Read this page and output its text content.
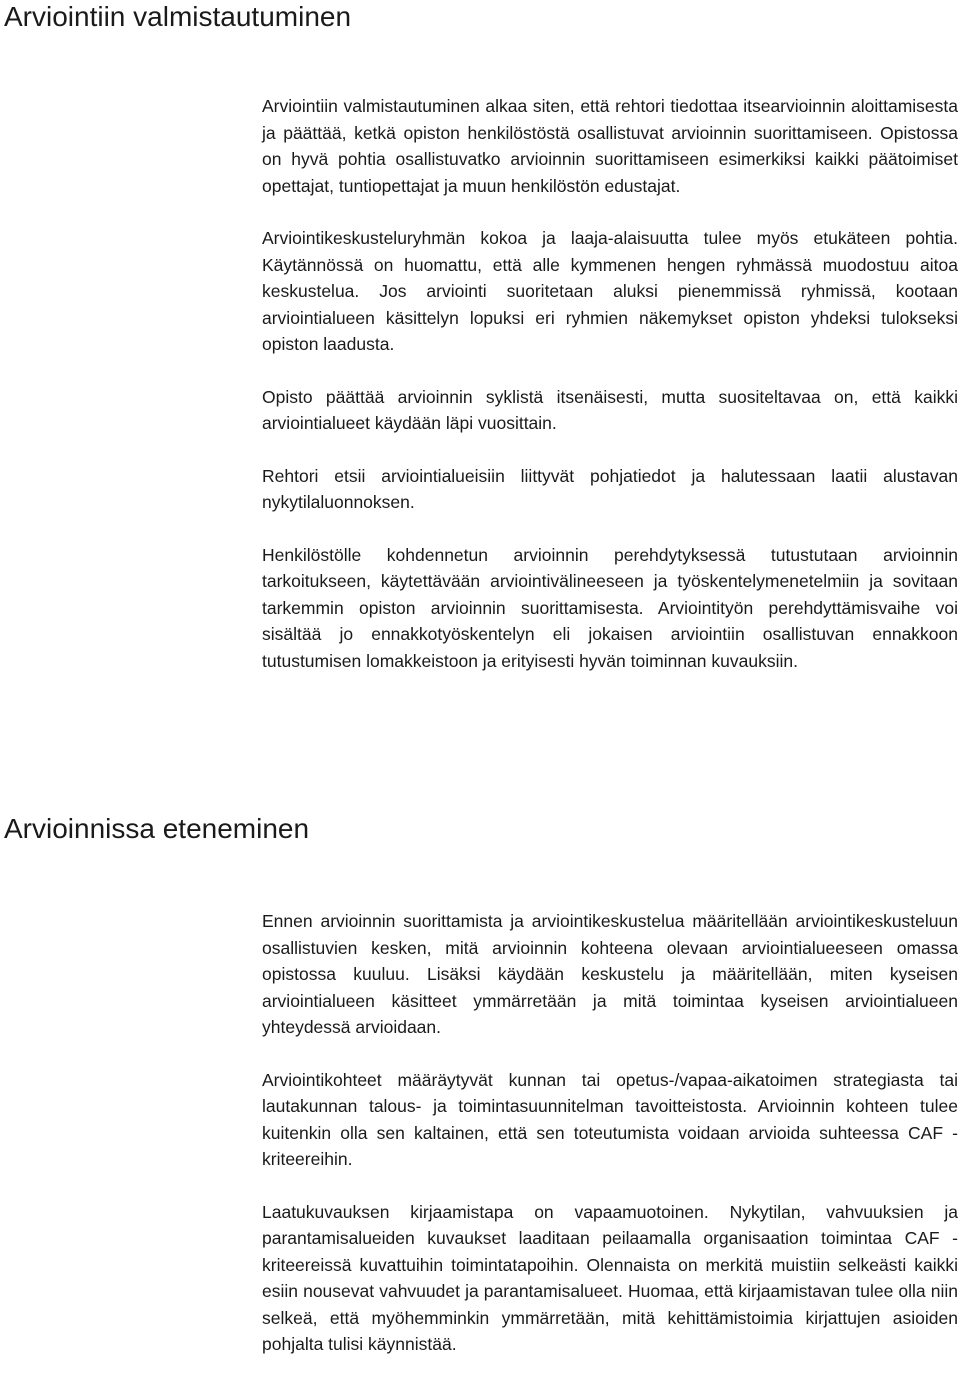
Arviointiin valmistautuminen

Arviointiin valmistautuminen alkaa siten, että rehtori tiedottaa itsearvioinnin aloittamisesta ja päättää, ketkä opiston henkilöstöstä osallistuvat arvioinnin suorittamiseen. Opistossa on hyvä pohtia osallistuvatko arvioinnin suorittamiseen esimerkiksi kaikki päätoimiset opettajat, tuntiopettajat ja muun henkilöstön edustajat.

Arviointikeskusteluryhmän kokoa ja laaja-alaisuutta tulee myös etukäteen pohtia. Käytännössä on huomattu, että alle kymmenen hengen ryhmässä muodostuu aitoa keskustelua. Jos arviointi suoritetaan aluksi pienemmissä ryhmissä, kootaan arviointialueen käsittelyn lopuksi eri ryhmien näkemykset opiston yhdeksi tulokseksi opiston laadusta.

Opisto päättää arvioinnin syklistä itsenäisesti, mutta suositeltavaa on, että kaikki arviointialueet käydään läpi vuosittain.

Rehtori etsii arviointialueisiin liittyvät pohjatiedot ja halutessaan laatii alustavan nykytilaluonnoksen.

Henkilöstölle kohdennetun arvioinnin perehdytyksessä tutustutaan arvioinnin tarkoitukseen, käytettävään arviointivälineeseen ja työskentelymenetelmiin ja sovitaan tarkemmin opiston arvioinnin suorittamisesta. Arviointityön perehdyttämisvaihe voi sisältää jo ennakkotyöskentelyn eli jokaisen arviointiin osallistuvan ennakkoon tutustumisen lomakkeistoon ja erityisesti hyvän toiminnan kuvauksiin.

Arvioinnissa eteneminen

Ennen arvioinnin suorittamista ja arviointikeskustelua määritellään arviointikeskusteluun osallistuvien kesken, mitä arvioinnin kohteena olevaan arviointialueeseen omassa opistossa kuuluu. Lisäksi käydään keskustelu ja määritellään, miten kyseisen arviointialueen käsitteet ymmärretään ja mitä toimintaa kyseisen arviointialueen yhteydessä arvioidaan.

Arviointikohteet määräytyvät kunnan tai opetus-/vapaa-aikatoimen strategiasta tai lautakunnan talous- ja toimintasuunnitelman tavoitteistosta. Arvioinnin kohteen tulee kuitenkin olla sen kaltainen, että sen toteutumista voidaan arvioida suhteessa CAF -kriteereihin.

Laatukuvauksen kirjaamistapa on vapaamuotoinen. Nykytilan, vahvuuksien ja parantamisalueiden kuvaukset laaditaan peilaamalla organisaation toimintaa CAF -kriteereissä kuvattuihin toimintatapoihin. Olennaista on merkitä muistiin selkeästi kaikki esiin nousevat vahvuudet ja parantamisalueet. Huomaa, että kirjaamistavan tulee olla niin selkeä, että myöhemminkin ymmärretään, mitä kehittämistoimia kirjattujen asioiden pohjalta tulisi käynnistää.
